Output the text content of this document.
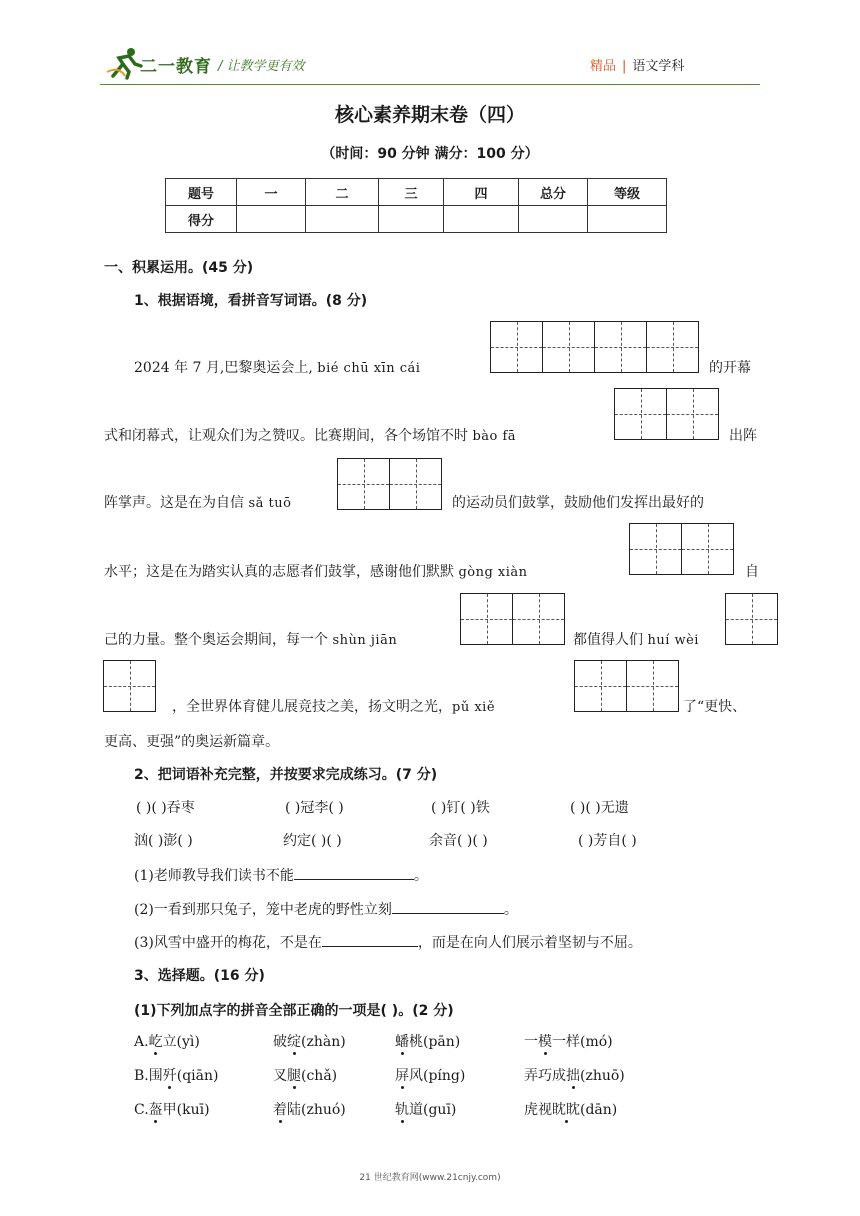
二一教育 / 让教学更有效	精品 | 语文学科
核心素养期末卷（四）
（时间：90 分钟 满分：100 分）
题号	一	二	三	四	总分	等级
得分						
一、积累运用。(45 分)
1、根据语境，看拼音写词语。(8 分)
2024 年 7 月,巴黎奥运会上, bié chū xīn cái	的开幕
式和闭幕式，让观众们为之赞叹。比赛期间，各个场馆不时 bào fā	出阵
阵掌声。这是在为自信 sǎ tuō	的运动员们鼓掌，鼓励他们发挥出最好的
水平；这是在为踏实认真的志愿者们鼓掌，感谢他们默默 gòng xiàn	自
己的力量。整个奥运会期间，每一个 shùn jiān	都值得人们 huí wèi
，全世界体育健儿展竞技之美，扬文明之光，pǔ xiě	了“更快、
更高、更强”的奥运新篇章。
2、把词语补充完整，并按要求完成练习。(7 分)
( )( )吞枣	( )冠李( )	( )钉( )铁	( )( )无遗
汹( )澎( )	约定( )( )	余音( )( )	( )芳自( )
(1)老师教导我们读书不能	。
(2)一看到那只兔子，笼中老虎的野性立刻	。
(3)风雪中盛开的梅花，不是在	，而是在向人们展示着坚韧与不屈。
3、选择题。(16 分)
(1)下列加点字的拼音全部正确的一项是( )。(2 分)
A.屹立(yì)	破绽(zhàn)	蟠桃(pān)	一模一样(mó)
B.围歼(qiān)	叉腿(chǎ)	屏风(píng)	弄巧成拙(zhuō)
C.盔甲(kuī)	着陆(zhuó)	轨道(guī)	虎视眈眈(dān)
21 世纪教育网(www.21cnjy.com)
